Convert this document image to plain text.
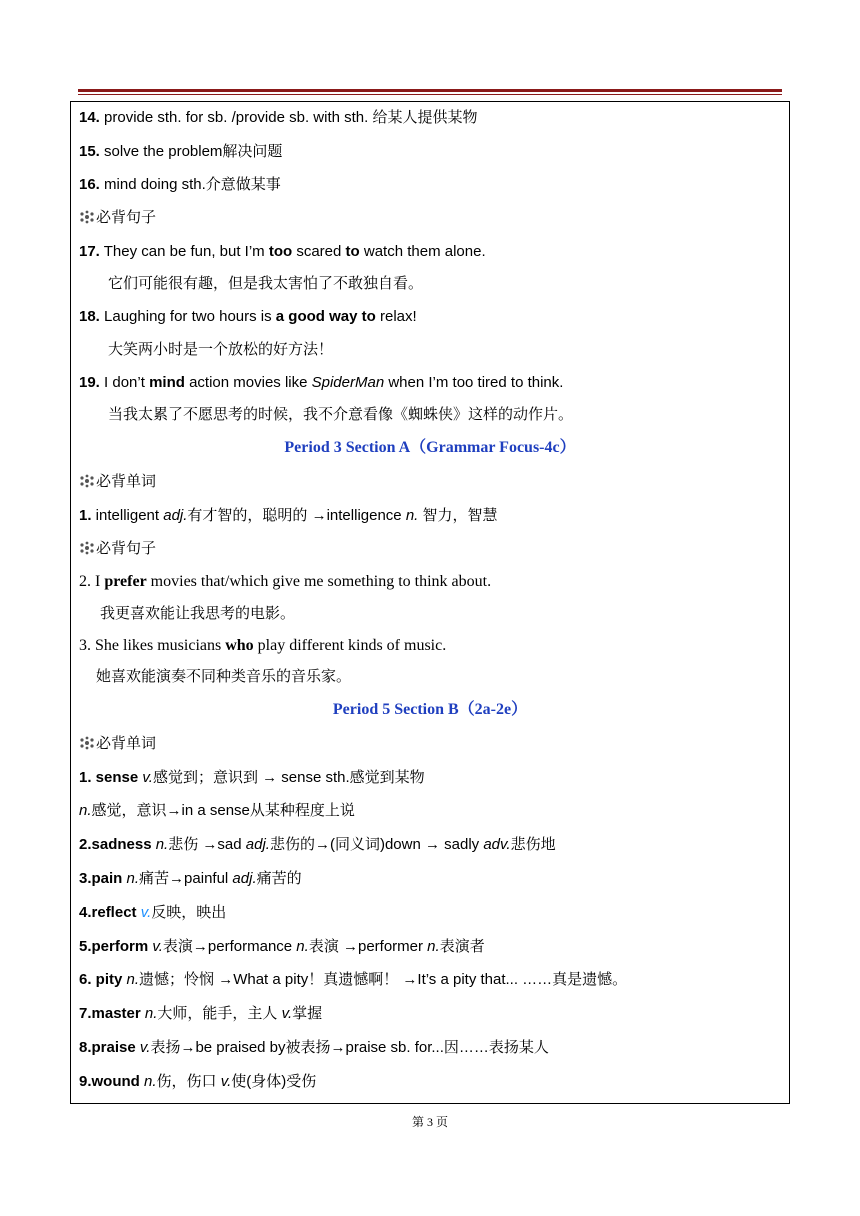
14. provide sth. for sb. /provide sb. with sth. 给某人提供某物
15. solve the problem解决问题
16. mind doing sth.介意做某事
必背句子
17. They can be fun, but I’m too scared to watch them alone.
它们可能很有趣，但是我太害怕了不敢独自看。
18. Laughing for two hours is a good way to relax!
大笑两小时是一个放松的好方法！
19. I don’t mind action movies like SpiderMan when I’m too tired to think.
当我太累了不愿思考的时候，我不介意看像《蜘蛛侠》这样的动作片。
Period 3 Section A（Grammar Focus-4c）
必背单词
1. intelligent adj.有才智的，聪明的 →intelligence n. 智力，智慧
必背句子
2. I prefer movies that/which give me something to think about.
我更喜欢能让我思考的电影。
3. She likes musicians who play different kinds of music.
她喜欢能演奏不同种类音乐的音乐家。
Period 5 Section B（2a-2e）
必背单词
1. sense v.感觉到；意识到 → sense sth.感觉到某物
n.感觉，意识→in a sense从某种程度上说
2.sadness n.悲伤 →sad adj.悲伤的→(同义词)down → sadly adv.悲伤地
3.pain n.痛苦→painful adj.痛苦的
4.reflect v.反映，映出
5.perform v.表演→performance n.表演 →performer n.表演者
6. pity n.遗憾；怜悯 →What a pity！真遗憾啊！ →It’s a pity that... ……真是遗憾。
7.master n.大师，能手，主人 v.掌握
8.praise v.表扬→be praised by被表扬→praise sb. for...因……表扬某人
9.wound n.伤，伤口 v.使(身体)受伤
第 3 页
